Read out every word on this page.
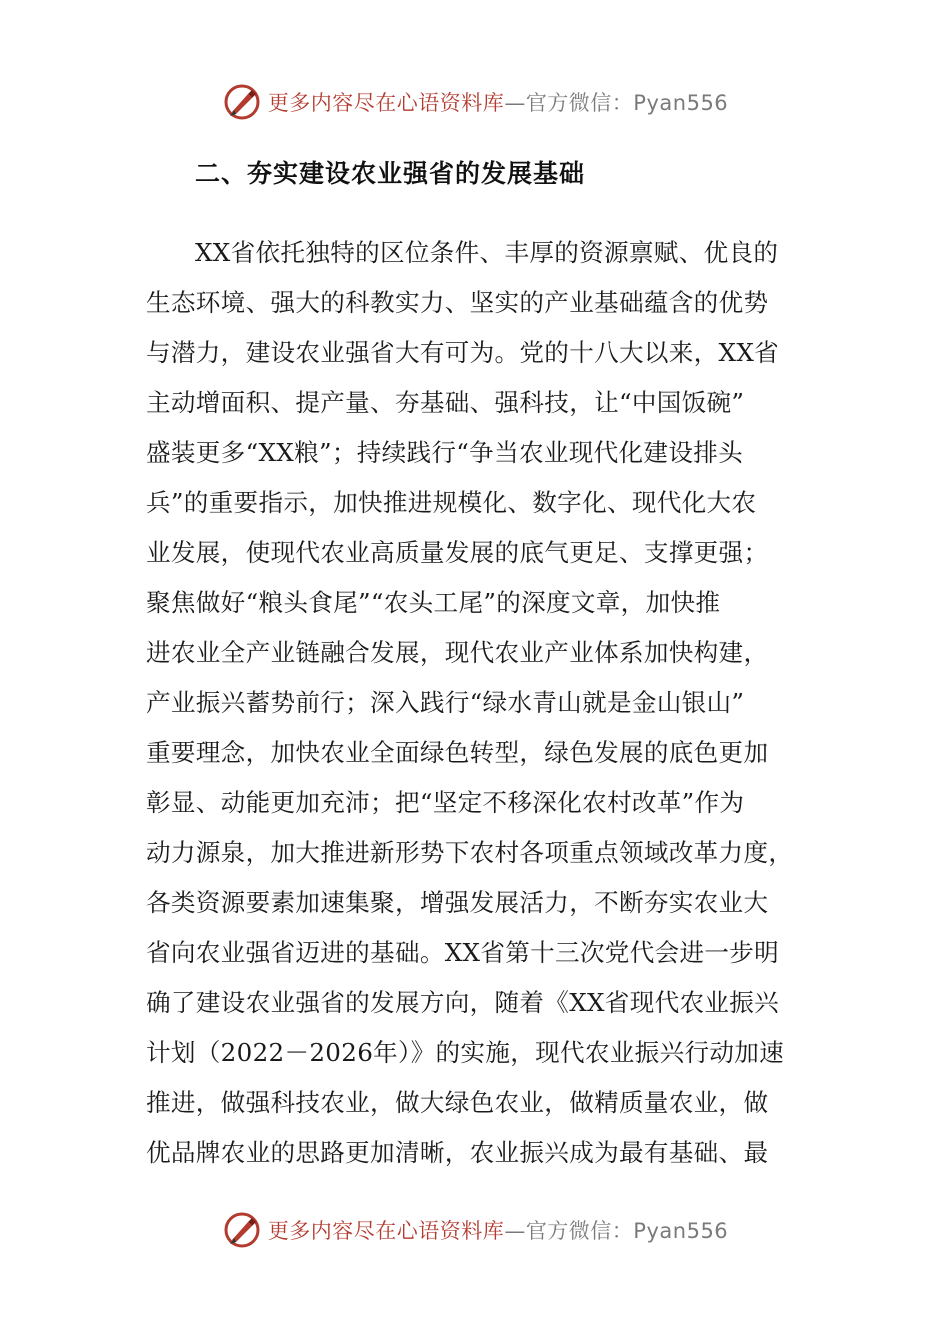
更多内容尽在心语资料库—官方微信：Pyan556
二、夯实建设农业强省的发展基础
XX省依托独特的区位条件、丰厚的资源禀赋、优良的
生态环境、强大的科教实力、坚实的产业基础蕴含的优势
与潜力，建设农业强省大有可为。党的十八大以来，XX省
主动增面积、提产量、夯基础、强科技，让“中国饭碗”
盛装更多“XX粮”；持续践行“争当农业现代化建设排头
兵”的重要指示，加快推进规模化、数字化、现代化大农
业发展，使现代农业高质量发展的底气更足、支撑更强；
聚焦做好“粮头食尾”“农头工尾”的深度文章，加快推
进农业全产业链融合发展，现代农业产业体系加快构建，
产业振兴蓄势前行；深入践行“绿水青山就是金山银山”
重要理念，加快农业全面绿色转型，绿色发展的底色更加
彰显、动能更加充沛；把“坚定不移深化农村改革”作为
动力源泉，加大推进新形势下农村各项重点领域改革力度，
各类资源要素加速集聚，增强发展活力，不断夯实农业大
省向农业强省迈进的基础。XX省第十三次党代会进一步明
确了建设农业强省的发展方向，随着《XX省现代农业振兴
计划（2022－2026年）》的实施，现代农业振兴行动加速
推进，做强科技农业，做大绿色农业，做精质量农业，做
优品牌农业的思路更加清晰，农业振兴成为最有基础、最
更多内容尽在心语资料库—官方微信：Pyan556
